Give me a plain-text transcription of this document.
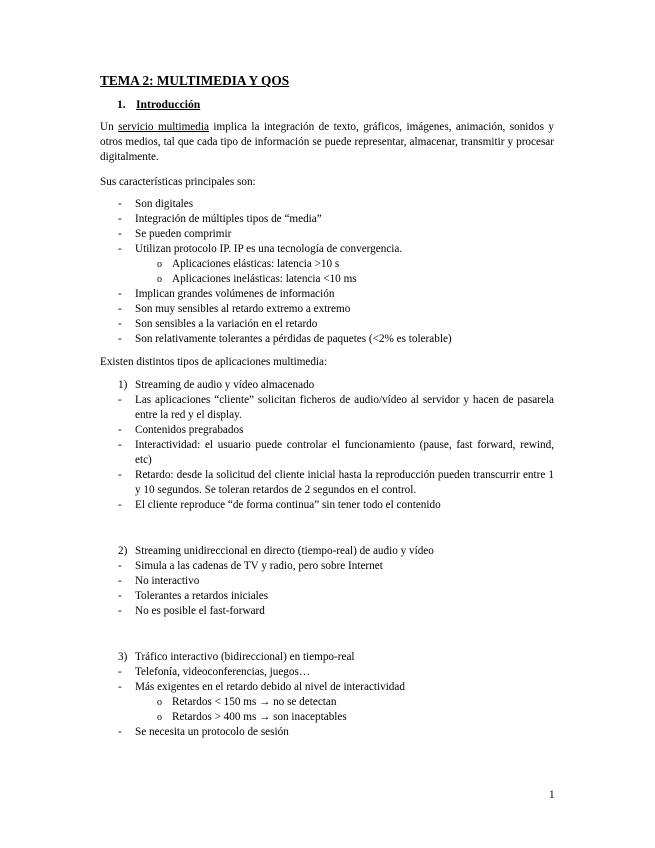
TEMA 2: MULTIMEDIA Y QOS
1. Introducción
Un servicio multimedia implica la integración de texto, gráficos, imágenes, animación, sonidos y otros medios, tal que cada tipo de información se puede representar, almacenar, transmitir y procesar digitalmente.
Sus características principales son:
- Son digitales
- Integración de múltiples tipos de “media”
- Se pueden comprimir
- Utilizan protocolo IP. IP es una tecnología de convergencia.
o Aplicaciones elásticas: latencia >10 s
o Aplicaciones inelásticas: latencia <10 ms
- Implican grandes volúmenes de información
- Son muy sensibles al retardo extremo a extremo
- Son sensibles a la variación en el retardo
- Son relativamente tolerantes a pérdidas de paquetes (<2% es tolerable)
Existen distintos tipos de aplicaciones multimedia:
1) Streaming de audio y vídeo almacenado
- Las aplicaciones “cliente” solicitan ficheros de audio/vídeo al servidor y hacen de pasarela entre la red y el display.
- Contenidos pregrabados
- Interactividad: el usuario puede controlar el funcionamiento (pause, fast forward, rewind, etc)
- Retardo: desde la solicitud del cliente inicial hasta la reproducción pueden transcurrir entre 1 y 10 segundos. Se toleran retardos de 2 segundos en el control.
- El cliente reproduce “de forma continua” sin tener todo el contenido
2) Streaming unidireccional en directo (tiempo-real) de audio y vídeo
- Simula a las cadenas de TV y radio, pero sobre Internet
- No interactivo
- Tolerantes a retardos iniciales
- No es posible el fast-forward
3) Tráfico interactivo (bidireccional) en tiempo-real
- Telefonía, videoconferencias, juegos…
- Más exigentes en el retardo debido al nivel de interactividad
o Retardos < 150 ms → no se detectan
o Retardos > 400 ms → son inaceptables
- Se necesita un protocolo de sesión
1
